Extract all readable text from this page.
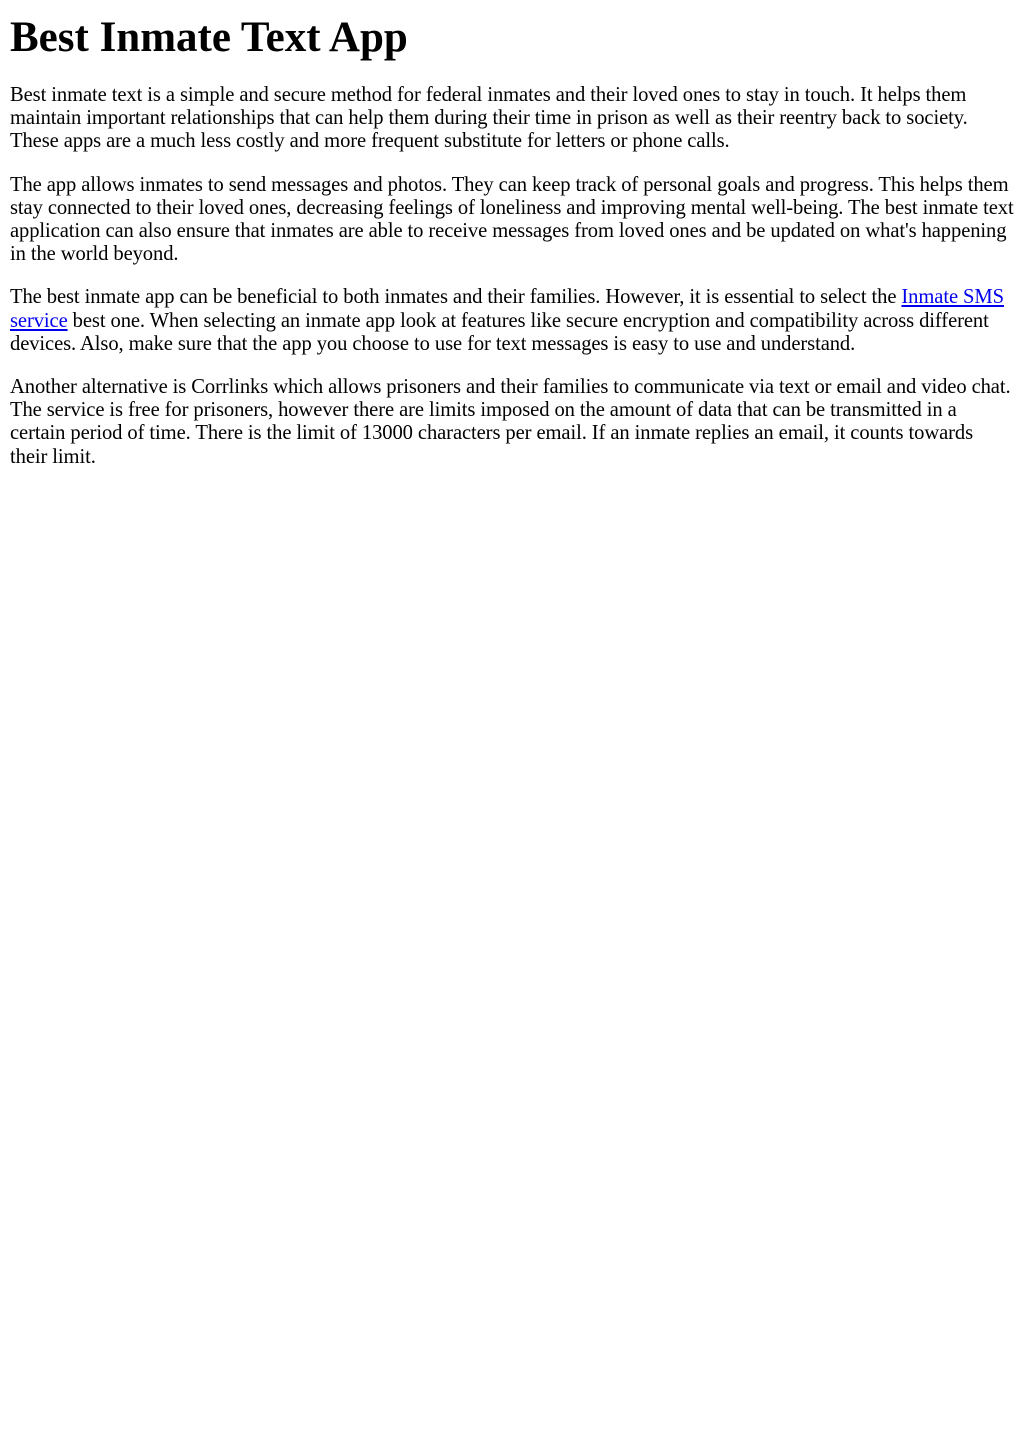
Best Inmate Text App

Best inmate text is a simple and secure method for federal inmates and their loved ones to stay in touch. It helps them maintain important relationships that can help them during their time in prison as well as their reentry back to society. These apps are a much less costly and more frequent substitute for letters or phone calls.

The app allows inmates to send messages and photos. They can keep track of personal goals and progress. This helps them stay connected to their loved ones, decreasing feelings of loneliness and improving mental well-being. The best inmate text application can also ensure that inmates are able to receive messages from loved ones and be updated on what's happening in the world beyond.

The best inmate app can be beneficial to both inmates and their families. However, it is essential to select the Inmate SMS service best one. When selecting an inmate app look at features like secure encryption and compatibility across different devices. Also, make sure that the app you choose to use for text messages is easy to use and understand.

Another alternative is Corrlinks which allows prisoners and their families to communicate via text or email and video chat. The service is free for prisoners, however there are limits imposed on the amount of data that can be transmitted in a certain period of time. There is the limit of 13000 characters per email. If an inmate replies an email, it counts towards their limit.
